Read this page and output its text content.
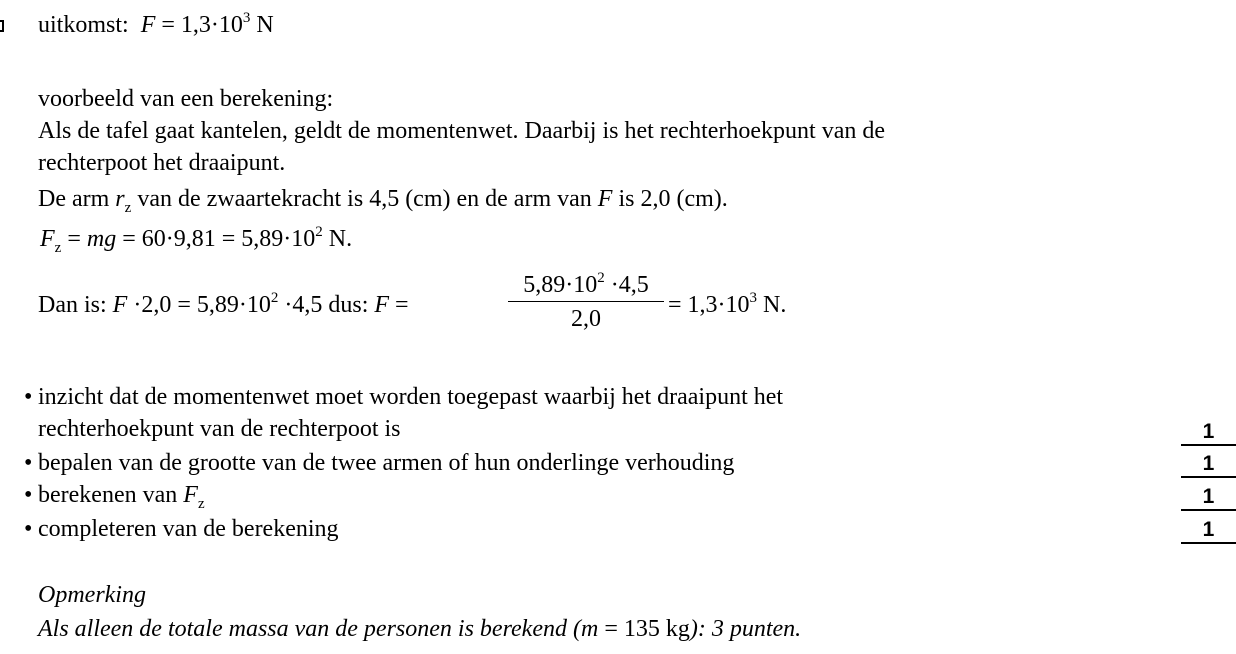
uitkomst: $F = 1,3\cdot 10^3$ N
voorbeeld van een berekening:
Als de tafel gaat kantelen, geldt de momentenwet. Daarbij is het rechterhoekpunt van de
rechterpoot het draaipunt.
De arm $r_z$ van de zwaartekracht is 4,5 (cm) en de arm van F is 2,0 (cm).
$F_z$ = mg = $60\cdot 9,81 = 5,89\cdot 10^2$ N.
Dan is: $F \cdot 2,0 = 5,89\cdot 10^2 \cdot 4,5$ dus: F =	$\frac{5,89\cdot 10^2 \cdot 4,5}{2,0} = 1,3\cdot 10^3$ N.
• inzicht dat de momentenwet moet worden toegepast waarbij het draaipunt het
rechterhoekpunt van de rechterpoot is
• bepalen van de grootte van de twee armen of hun onderlinge verhouding
• berekenen van $F_z$
• completeren van de berekening
1
1
1
1
Opmerking
Als alleen de totale massa van de personen is berekend (m = 135 kg): 3 punten.
